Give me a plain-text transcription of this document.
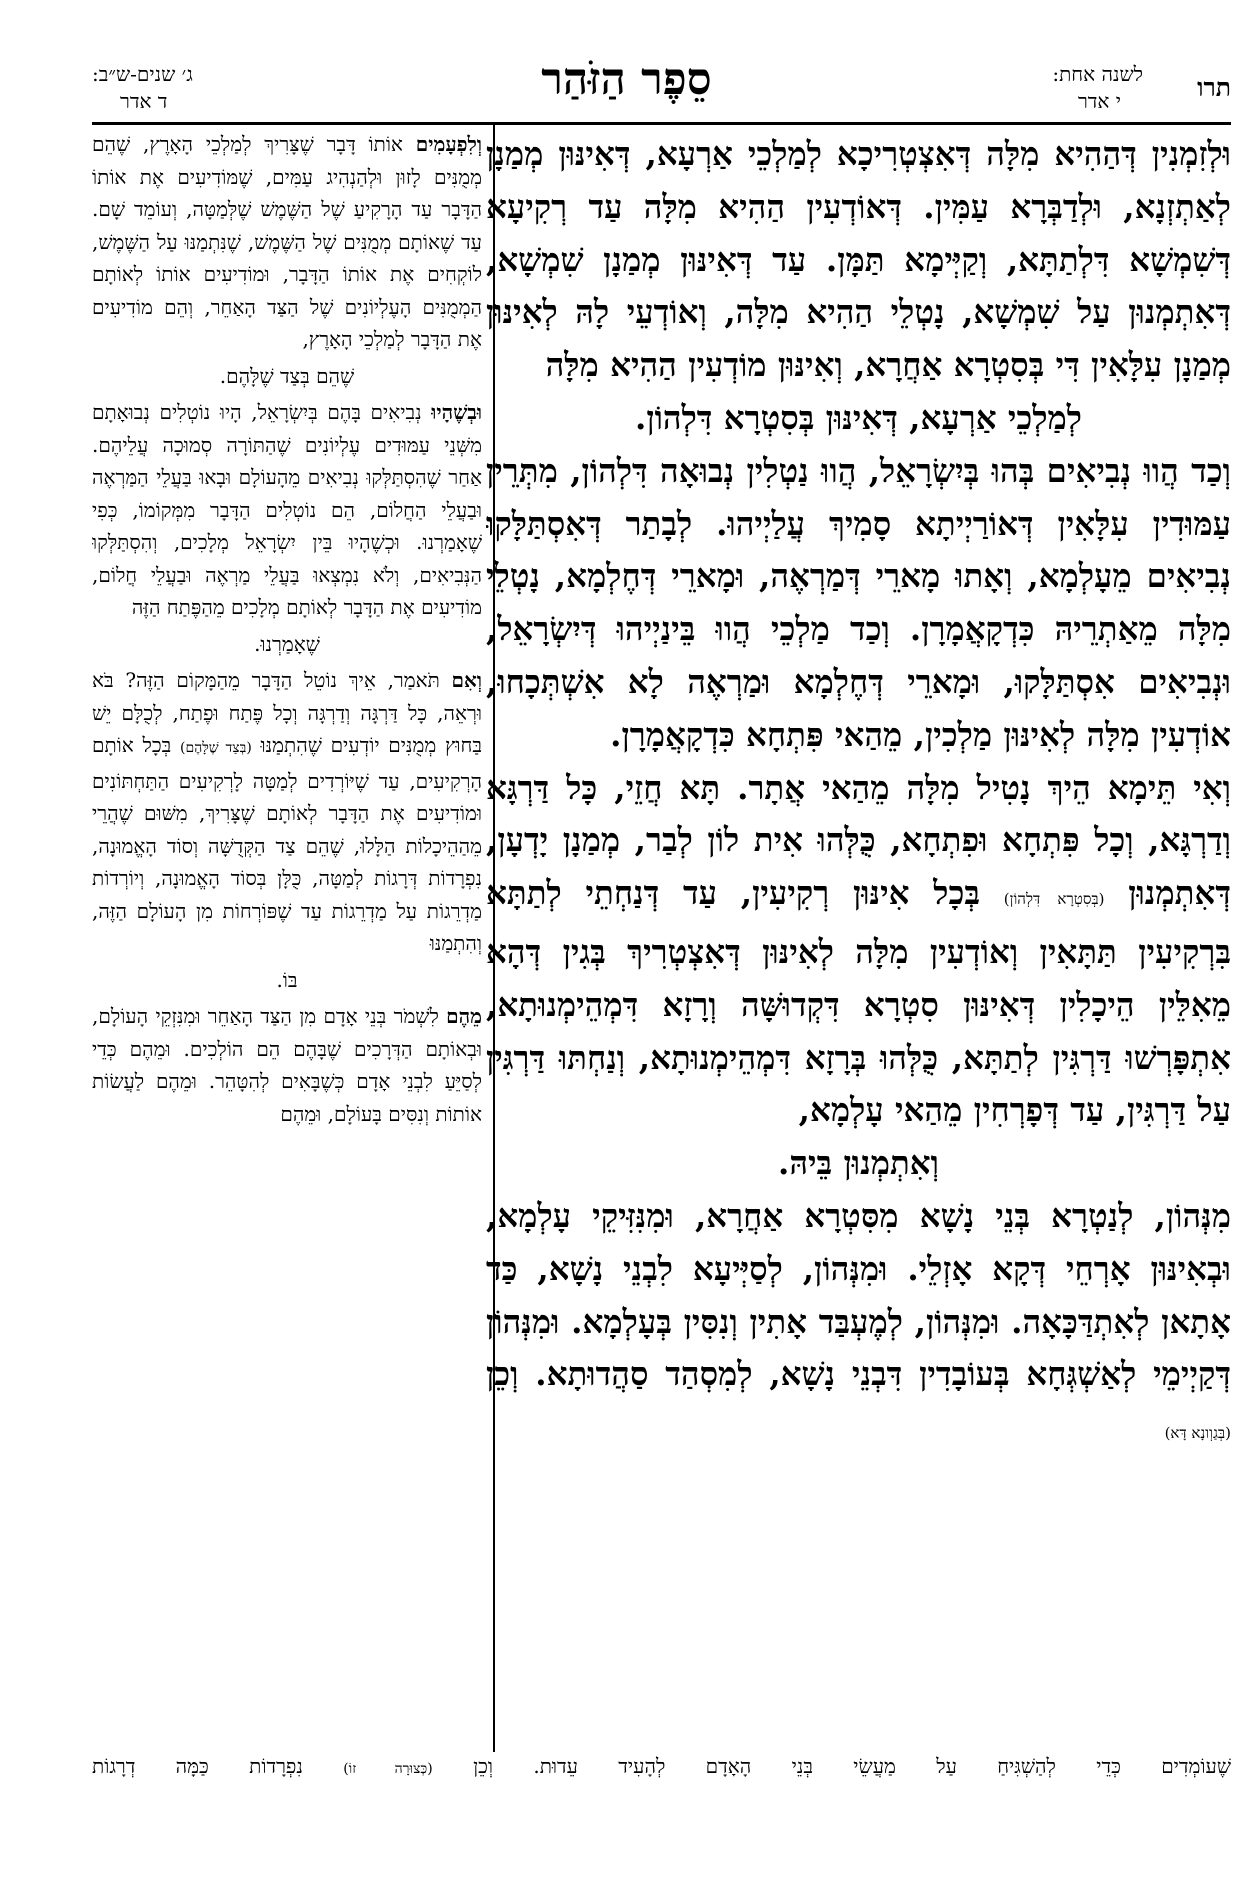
תרו
לשנה אחת:
י אדר
סֵפֶר הַזֹּהַר
ג׳ שנים-ש״ב:
ד אדר

וּלְזִמְנִין דְּהַהִיא מִלָּה דְּאִצְטְרִיכָא לְמַלְכֵי אַרְעָא, דְּאִינּוּן מְמַנָן לְאַתְזְנָא, וּלְדַבְּרָא עַמִּין. דְּאוֹדְעִין הַהִיא מִלָּה עַד רְקִיעָא דְּשִׁמְשָׁא דִּלְתַתָּא, וְקַיְּימָא תַּמָּן. עַד דְּאִינּוּן מְמַנָן שִׁמְשָׁא, דְּאִתְמְנוּן עַל שִׁמְשָׁא, נָטְלֵי הַהִיא מִלָּה, וְאוֹדְעֵי לָהּ לְאִינּוּן מְמַנָן עִלָּאִין דִּי בְּסִטְרָא אַחֲרָא, וְאִינּוּן מוֹדְעִין הַהִיא מִלָּה

לְמַלְכֵי אַרְעָא, דְּאִינּוּן בְּסִטְרָא דִּלְהוֹן.

וְכַד הֲווּ נְבִיאִים בְּהוּ בְּיִשְׂרָאֵל, הֲווּ נַטְלִין נְבוּאָה דִּלְהוֹן, מִתְּרֵין עַמּוּדִין עִלָּאִין דְּאוֹרַיְיתָא סָמִיךְ עֲלַיְיהוּ. לְבָתַר דְּאִסְתַּלָּקוּ נְבִיאִים מֵעָלְמָא, וְאָתוּ מָארֵי דְּמַרְאֶה, וּמָארֵי דְּחֶלְמָא, נָטְלֵי מִלָּה מֵאַתְרֵיהּ כִּדְקָאֲמָרָן. וְכַד מַלְכֵי הֲווּ בֵּינַיְיהוּ דְּיִשְׂרָאֵל, וּנְבִיאִים אִסְתַּלָּקוּ, וּמָארֵי דְּחֶלְמָא וּמַרְאֶה לָא אִשְׁתְּכָחוּ, אוֹדְעִין מִלָּה לְאִינּוּן מַלְכִין, מֵהַאי פִּתְחָא כִּדְקָאֲמָרָן.

וְאִי תֵּימָא הֵיךְ נָטִיל מִלָּה מֵהַאי אֲתָר. תָּא חֲזֵי, כָּל דַּרְגָּא וְדַרְגָּא, וְכָל פִּתְחָא וּפִתְחָא, כֻּלְּהוּ אִית לוֹן לְבַר, מְמַנָן יָדְעָן, דְּאִתְמְנוּן (בְּסִטְרָא דִּלְהוֹן) בְּכָל אִינּוּן רְקִיעִין, עַד דְּנַחְתֵי לְתַתָּא בִּרְקִיעִין תַּתָּאִין וְאוֹדְעִין מִלָּה לְאִינּוּן דְּאִצְטְרִיךְ בְּגִין דְּהָא מֵאִלֵּין הֵיכָלִין דְּאִינּוּן סִטְרָא דִּקְדוּשָּׁה וְרָזָא דִּמְהֵימְנוּתָא, אִתְפָּרְשׁוּ דַּרְגִּין לְתַתָּא, כֻּלְּהוּ בְּרָזָא דִּמְהֵימְנוּתָא, וְנַחְתּוּ דַּרְגִּין עַל דַּרְגִּין, עַד דְּפָרְחִין מֵהַאי עָלְמָא,

וְאִתְמְנוּן בֵּיהּ.

מִנְּהוֹן, לְנַטְרָא בְּנֵי נָשָׁא מִסִּטְרָא אַחֲרָא, וּמִנִּזִּיקֵי עָלְמָא, וּבְאִינּוּן אָרְחֵי דְּקָא אָזְלֵי. וּמִנְּהוֹן, לְסַיְּיעָא לִבְנֵי נָשָׁא, כַּד אָתָאן לְאִתְדַּכָּאָה. וּמִנְּהוֹן, לְמֶעְבַּד אָתִין וְנִסִּין בְּעָלְמָא. וּמִנְּהוֹן דְּקַיְימֵי לְאַשְׁגְּחָא בְּעוֹבָדִין דִּבְנֵי נָשָׁא, לְמִסְהַד סַהֲדוּתָא. וְכֵן (בְּגַוְונָא דָּא)

וְלִפְעָמִים אוֹתוֹ דָּבָר שֶׁצָּרִיךְ לְמַלְכֵי הָאָרֶץ, שֶׁהֵם מְמֻנִּים לָזוּן וּלְהַנְהִיג עַמִּים, שֶׁמּוֹדִיעִים אֶת אוֹתוֹ הַדָּבָר עַד הָרָקִיעַ שֶׁל הַשֶּׁמֶשׁ שֶׁלְּמַטָּה, וְעוֹמֵד שָׁם. עַד שֶׁאוֹתָם מְמֻנִּים שֶׁל הַשֶּׁמֶשׁ, שֶׁנִּתְמַנּוּ עַל הַשֶּׁמֶשׁ, לוֹקְחִים אֶת אוֹתוֹ הַדָּבָר, וּמוֹדִיעִים אוֹתוֹ לְאוֹתָם הַמְמֻנִּים הָעֶלְיוֹנִים שֶׁל הַצַּד הָאַחֵר, וְהֵם מוֹדִיעִים אֶת הַדָּבָר לְמַלְכֵי הָאָרֶץ,

שֶׁהֵם בְּצַד שֶׁלָּהֶם.

וּבְשֶׁהָיוּ נְבִיאִים בָּהֶם בְּיִשְׂרָאֵל, הָיוּ נוֹטְלִים נְבוּאָתָם מִשְּׁנֵי עַמּוּדִים עֶלְיוֹנִים שֶׁהַתּוֹרָה סְמוּכָה עֲלֵיהֶם. אַחַר שֶׁהִסְתַּלְּקוּ נְבִיאִים מֵהָעוֹלָם וּבָאוּ בַּעֲלֵי הַמַּרְאֶה וּבַעֲלֵי הַחֲלוֹם, הֵם נוֹטְלִים הַדָּבָר מִמְּקוֹמוֹ, כְּפִי שֶׁאָמַרְנוּ. וּכְשֶׁהָיוּ בֵּין יִשְׂרָאֵל מְלָכִים, וְהִסְתַּלְּקוּ הַנְּבִיאִים, וְלֹא נִמְצְאוּ בַּעֲלֵי מַרְאֶה וּבַעֲלֵי חֲלוֹם, מוֹדִיעִים אֶת הַדָּבָר לְאוֹתָם מְלָכִים מֵהַפֶּתַח הַזֶּה

שֶׁאָמַרְנוּ.

וְאִם תֹּאמַר, אֵיךְ נוֹטֵל הַדָּבָר מֵהַמָּקוֹם הַזֶּה? בֹּא וּרְאֵה, כָּל דַּרְגָּה וְדַרְגָּה וְכָל פֶּתַח וּפֶתַח, לְכֻלָּם יֵשׁ בַּחוּץ מְמֻנִּים יוֹדְעִים שֶׁהִתְמַנּוּ (בְּצַד שֶׁלָּהֶם) בְּכָל אוֹתָם הָרְקִיעִים, עַד שֶׁיּוֹרְדִים לְמַטָּה לָרְקִיעִים הַתַּחְתּוֹנִים וּמוֹדִיעִים אֶת הַדָּבָר לְאוֹתָם שֶׁצָּרִיךְ, מִשּׁוּם שֶׁהֲרֵי מֵהַהֵיכָלוֹת הַלָּלוּ, שֶׁהֵם צַד הַקְּדֻשָּׁה וְסוֹד הָאֱמוּנָה, נִפְרָדוֹת דְּרָגוֹת לְמַטָּה, כֻּלָּן בְּסוֹד הָאֱמוּנָה, וְיוֹרְדוֹת מַדְרֵגוֹת עַל מַדְרֵגוֹת עַד שֶׁפּוֹרְחוֹת מִן הָעוֹלָם הַזֶּה, וְהִתְמַנּוּ

בּוֹ.

מֵהֶם לִשְׁמֹר בְּנֵי אָדָם מִן הַצַּד הָאַחֵר וּמִנִּזְקֵי הָעוֹלָם, וּבְאוֹתָם הַדְּרָכִים שֶׁבָּהֶם הֵם הוֹלְכִים. וּמֵהֶם כְּדֵי לְסַיֵּעַ לִבְנֵי אָדָם כְּשֶׁבָּאִים לְהִטָּהֵר. וּמֵהֶם לַעֲשׂוֹת אוֹתוֹת וְנִסִּים בָּעוֹלָם, וּמֵהֶם

שֶׁעוֹמְדִים כְּדֵי לְהַשְׁגִּיחַ עַל מַעֲשֵׂי בְּנֵי הָאָדָם לְהָעִיד עֵדוּת. וְכֵן (כְּצוּרָה זוֹ) נִפְרָדוֹת כַּמָּה דְרָגוֹת
